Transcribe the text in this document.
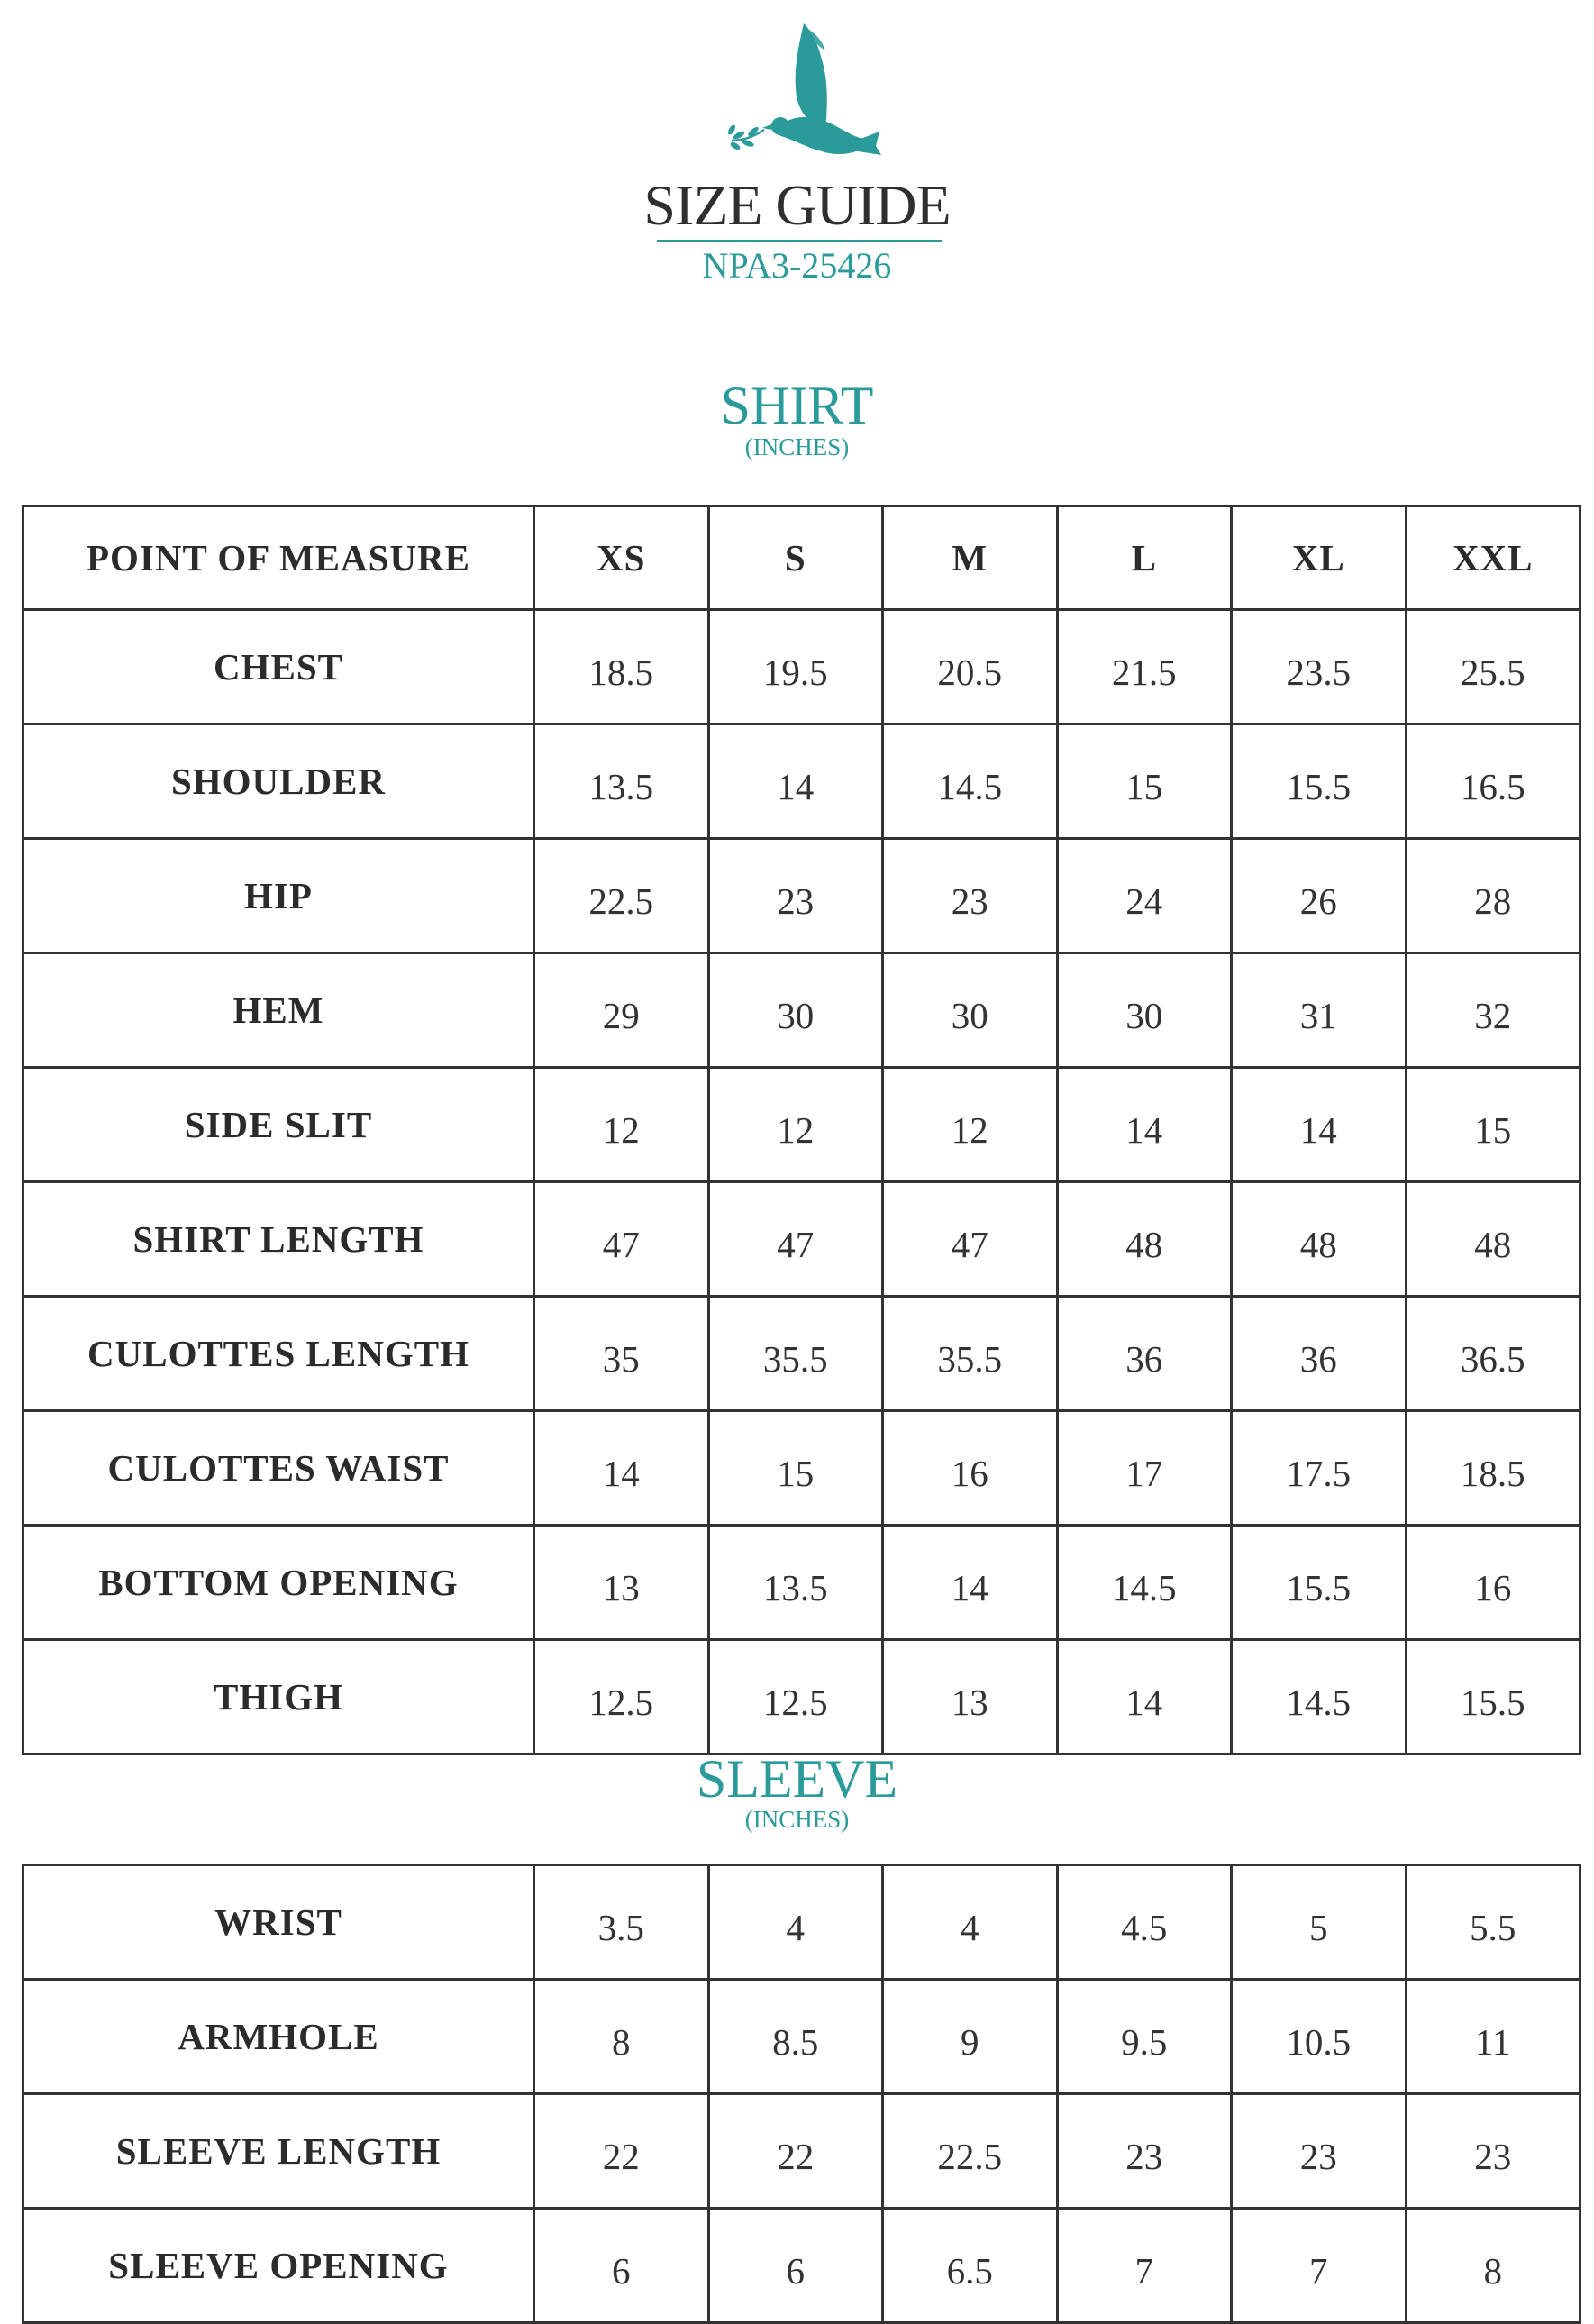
SIZE GUIDE
NPA3-25426
SHIRT
(INCHES)
POINT OF MEASURE	XS	S	M	L	XL	XXL
CHEST	18.5	19.5	20.5	21.5	23.5	25.5
SHOULDER	13.5	14	14.5	15	15.5	16.5
HIP	22.5	23	23	24	26	28
HEM	29	30	30	30	31	32
SIDE SLIT	12	12	12	14	14	15
SHIRT LENGTH	47	47	47	48	48	48
CULOTTES LENGTH	35	35.5	35.5	36	36	36.5
CULOTTES WAIST	14	15	16	17	17.5	18.5
BOTTOM OPENING	13	13.5	14	14.5	15.5	16
THIGH	12.5	12.5	13	14	14.5	15.5
SLEEVE
(INCHES)
WRIST	3.5	4	4	4.5	5	5.5
ARMHOLE	8	8.5	9	9.5	10.5	11
SLEEVE LENGTH	22	22	22.5	23	23	23
SLEEVE OPENING	6	6	6.5	7	7	8
